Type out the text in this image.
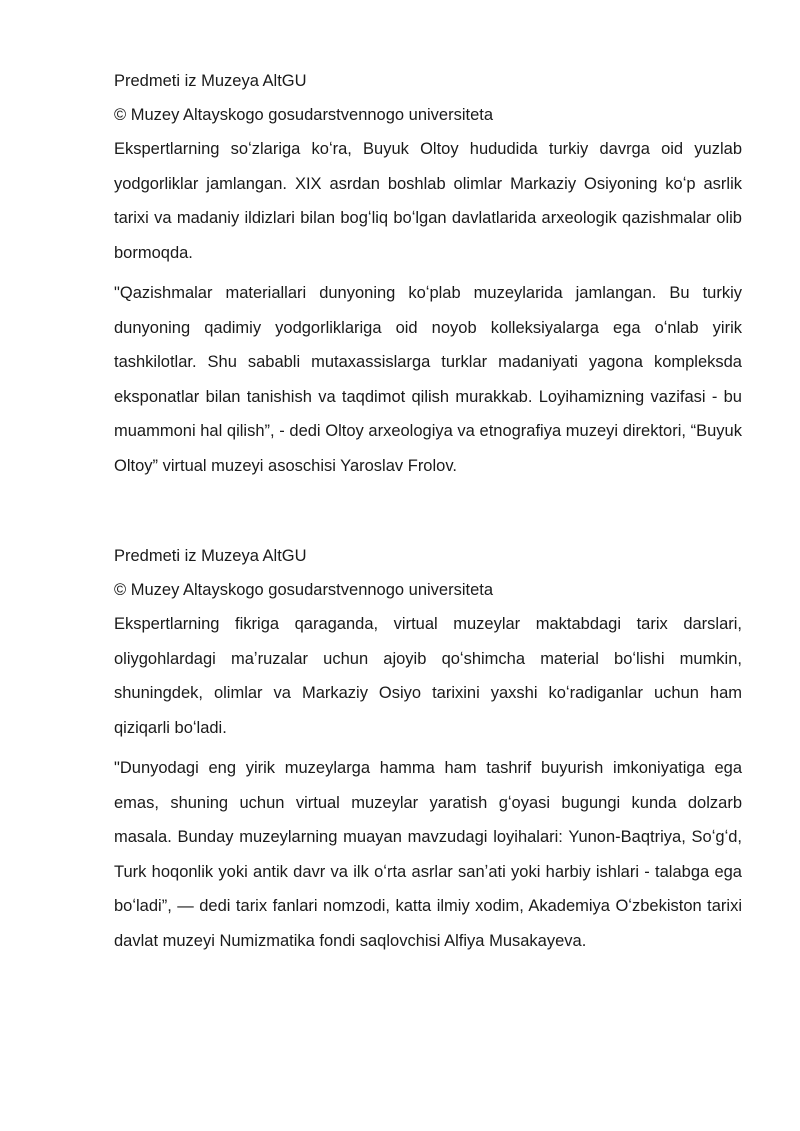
Predmeti iz Muzeya AltGU

© Muzey Altayskogo gosudarstvennogo universiteta

Ekspertlarning soʻzlariga koʻra, Buyuk Oltoy hududida turkiy davrga oid yuzlab yodgorliklar jamlangan. XIX asrdan boshlab olimlar Markaziy Osiyoning koʻp asrlik tarixi va madaniy ildizlari bilan bogʻliq boʻlgan davlatlarida arxeologik qazishmalar olib bormoqda.

"Qazishmalar materiallari dunyoning koʻplab muzeylarida jamlangan. Bu turkiy dunyoning qadimiy yodgorliklariga oid noyob kolleksiyalarga ega oʻnlab yirik tashkilotlar. Shu sababli mutaxassislarga turklar madaniyati yagona kompleksda eksponatlar bilan tanishish va taqdimot qilish murakkab. Loyihamizning vazifasi - bu muammoni hal qilish”, - dedi Oltoy arxeologiya va etnografiya muzeyi direktori, “Buyuk Oltoy” virtual muzeyi asoschisi Yaroslav Frolov.

Predmeti iz Muzeya AltGU

© Muzey Altayskogo gosudarstvennogo universiteta

Ekspertlarning fikriga qaraganda, virtual muzeylar maktabdagi tarix darslari, oliygohlardagi maʼruzalar uchun ajoyib qoʻshimcha material boʻlishi mumkin, shuningdek, olimlar va Markaziy Osiyo tarixini yaxshi koʻradiganlar uchun ham qiziqarli boʻladi.

"Dunyodagi eng yirik muzeylarga hamma ham tashrif buyurish imkoniyatiga ega emas, shuning uchun virtual muzeylar yaratish gʻoyasi bugungi kunda dolzarb masala. Bunday muzeylarning muayan mavzudagi loyihalari: Yunon-Baqtriya, Soʻgʻd, Turk hoqonlik yoki antik davr va ilk oʻrta asrlar sanʼati yoki harbiy ishlari - talabga ega boʻladi”, — dedi tarix fanlari nomzodi, katta ilmiy xodim, Akademiya Oʻzbekiston tarixi davlat muzeyi Numizmatika fondi saqlovchisi Alfiya Musakayeva.
